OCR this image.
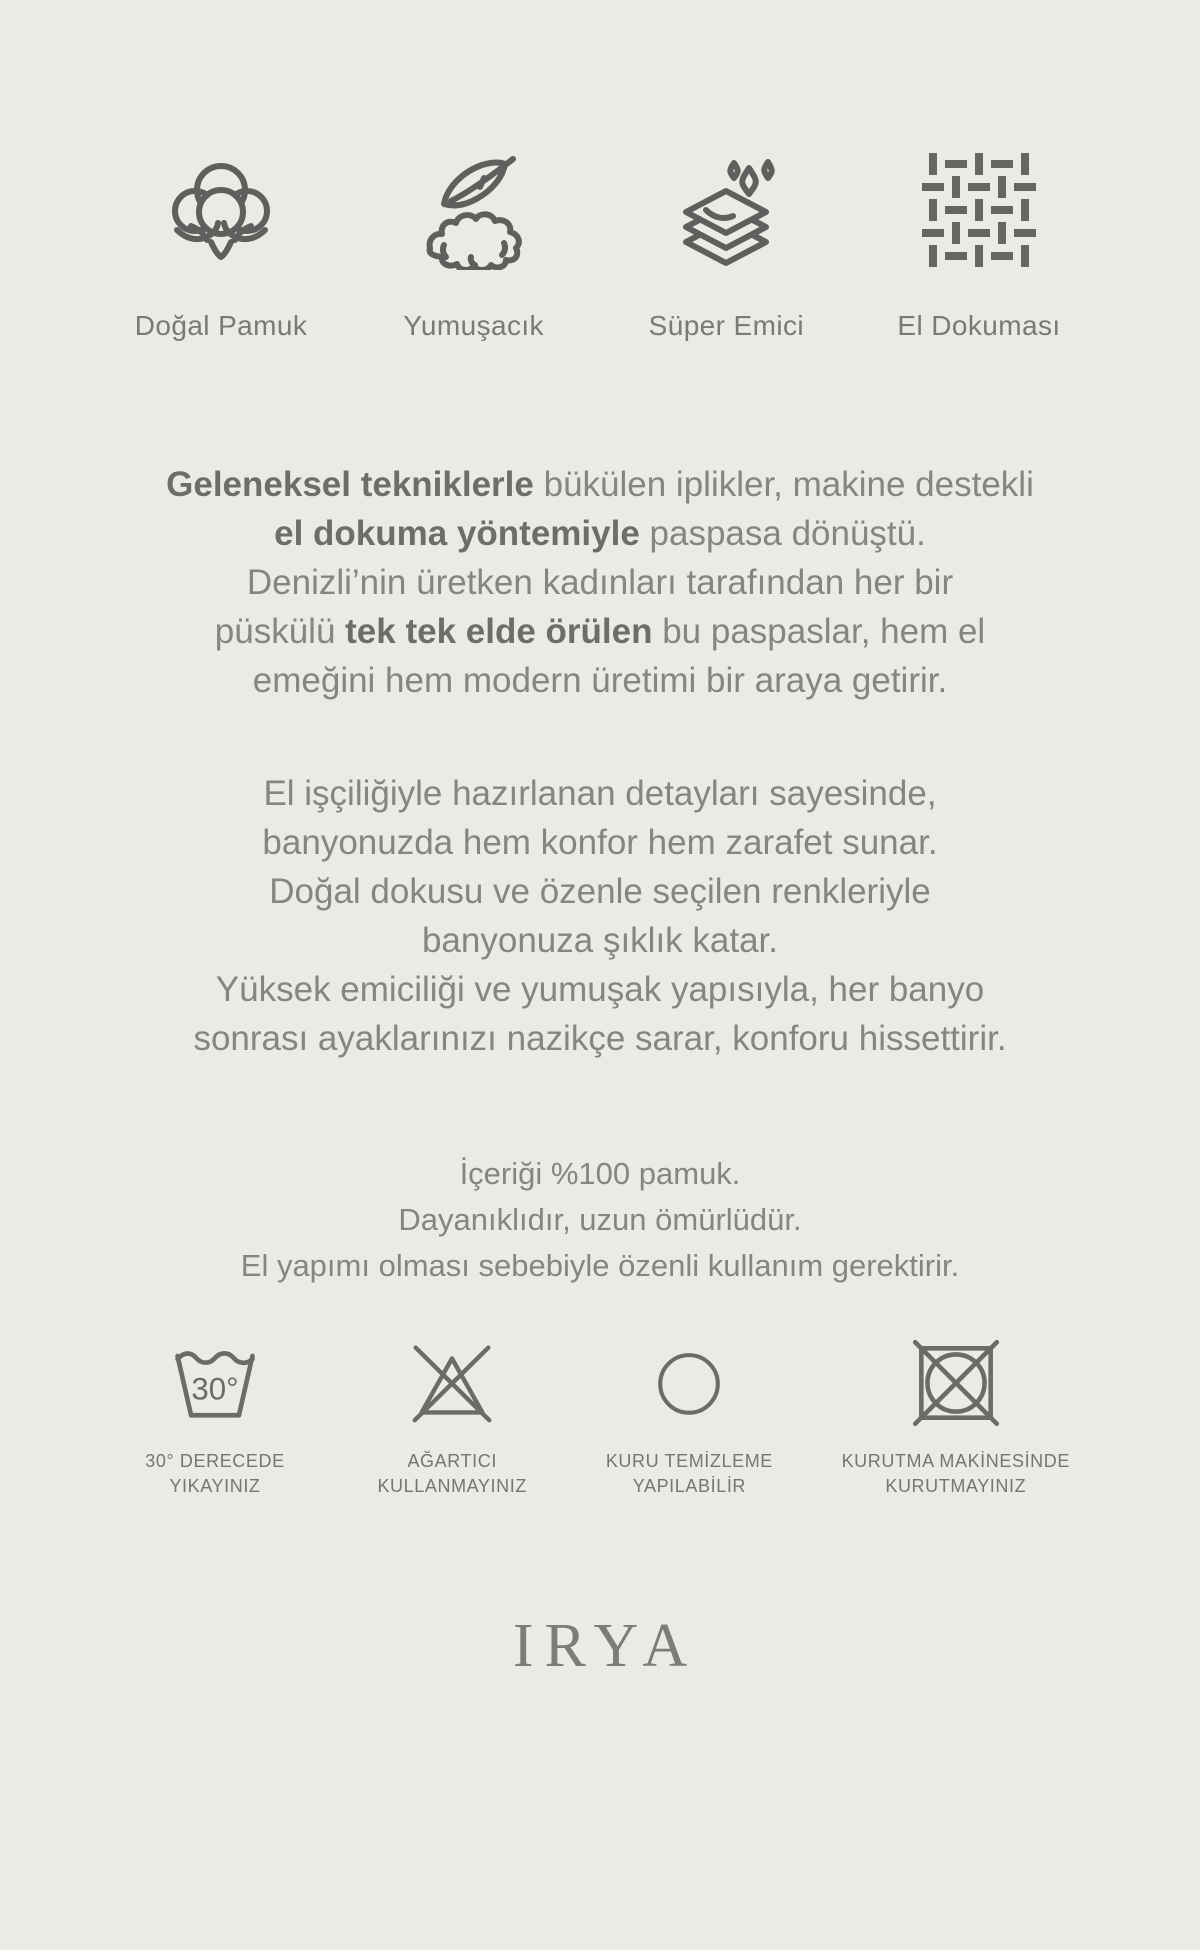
Doğal Pamuk	Yumuşacık	Süper Emici	El Dokuması
Geleneksel tekniklerle bükülen iplikler, makine destekli
el dokuma yöntemiyle paspasa dönüştü.
Denizli’nin üretken kadınları tarafından her bir
püskülü tek tek elde örülen bu paspaslar, hem el
emeğini hem modern üretimi bir araya getirir.
El işçiliğiyle hazırlanan detayları sayesinde,
banyonuzda hem konfor hem zarafet sunar.
Doğal dokusu ve özenle seçilen renkleriyle
banyonuza şıklık katar.
Yüksek emiciliği ve yumuşak yapısıyla, her banyo
sonrası ayaklarınızı nazikçe sarar, konforu hissettirir.
İçeriği %100 pamuk.
Dayanıklıdır, uzun ömürlüdür.
El yapımı olması sebebiyle özenli kullanım gerektirir.
30°
30° DERECEDE
YIKAYINIZ
AĞARTICI
KULLANMAYINIZ
KURU TEMİZLEME
YAPILABİLİR
KURUTMA MAKİNESİNDE
KURUTMAYINIZ
IRYA
